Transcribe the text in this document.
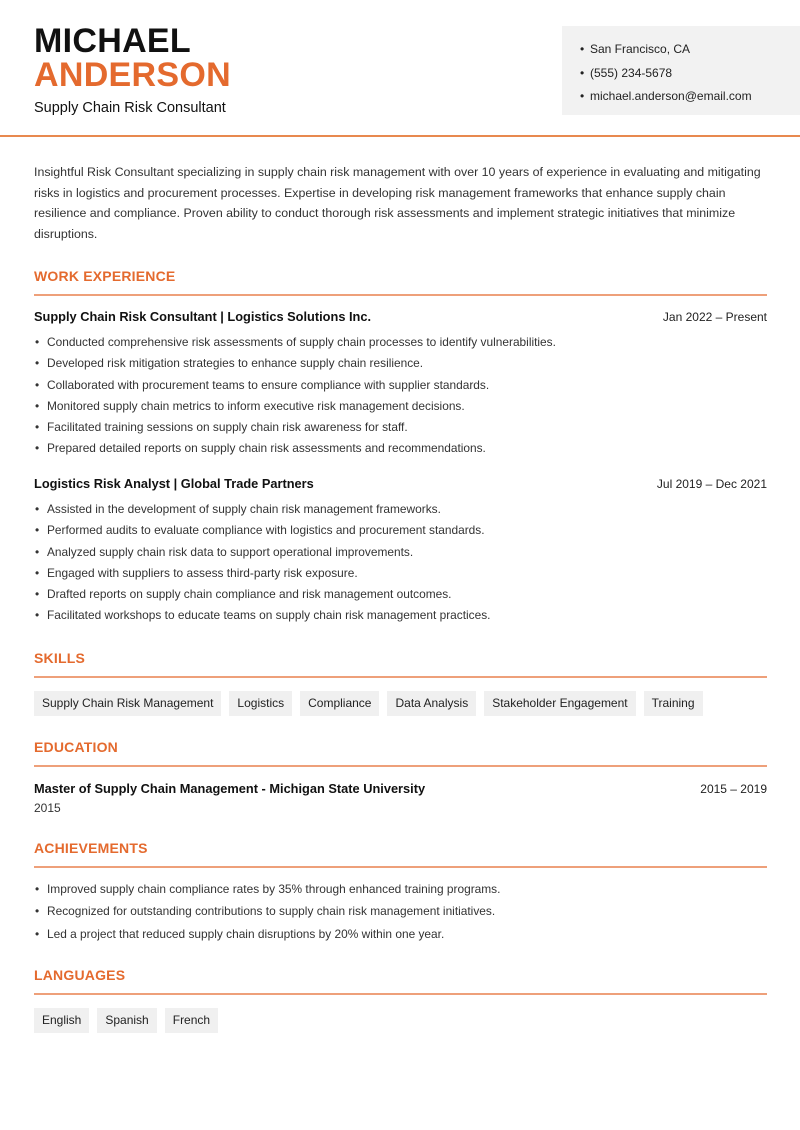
MICHAEL
ANDERSON
Supply Chain Risk Consultant
• San Francisco, CA
• (555) 234-5678
• michael.anderson@email.com

Insightful Risk Consultant specializing in supply chain risk management with over 10 years of experience in evaluating and mitigating risks in logistics and procurement processes. Expertise in developing risk management frameworks that enhance supply chain resilience and compliance. Proven ability to conduct thorough risk assessments and implement strategic initiatives that minimize disruptions.

WORK EXPERIENCE
Supply Chain Risk Consultant | Logistics Solutions Inc.	Jan 2022 – Present
• Conducted comprehensive risk assessments of supply chain processes to identify vulnerabilities.
• Developed risk mitigation strategies to enhance supply chain resilience.
• Collaborated with procurement teams to ensure compliance with supplier standards.
• Monitored supply chain metrics to inform executive risk management decisions.
• Facilitated training sessions on supply chain risk awareness for staff.
• Prepared detailed reports on supply chain risk assessments and recommendations.
Logistics Risk Analyst | Global Trade Partners	Jul 2019 – Dec 2021
• Assisted in the development of supply chain risk management frameworks.
• Performed audits to evaluate compliance with logistics and procurement standards.
• Analyzed supply chain risk data to support operational improvements.
• Engaged with suppliers to assess third-party risk exposure.
• Drafted reports on supply chain compliance and risk management outcomes.
• Facilitated workshops to educate teams on supply chain risk management practices.
SKILLS
Supply Chain Risk Management	Logistics	Compliance	Data Analysis	Stakeholder Engagement	Training
EDUCATION
Master of Supply Chain Management - Michigan State University	2015 – 2019
2015
ACHIEVEMENTS
• Improved supply chain compliance rates by 35% through enhanced training programs.
• Recognized for outstanding contributions to supply chain risk management initiatives.
• Led a project that reduced supply chain disruptions by 20% within one year.
LANGUAGES
English	Spanish	French
